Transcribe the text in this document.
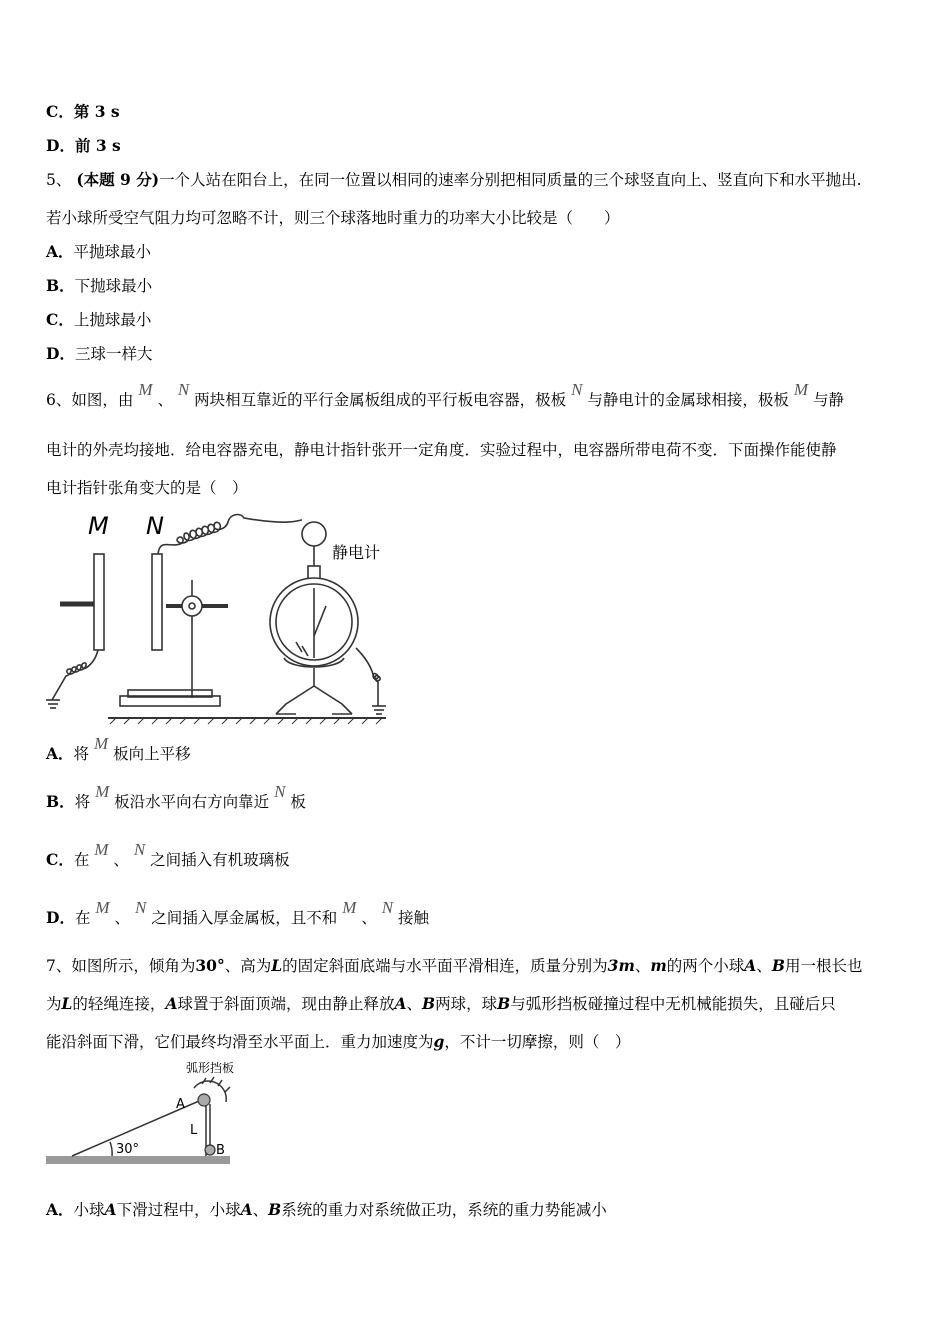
C．第 3 s
D．前 3 s
5、 (本题 9 分)一个人站在阳台上，在同一位置以相同的速率分别把相同质量的三个球竖直向上、竖直向下和水平抛出.
若小球所受空气阻力均可忽略不计，则三个球落地时重力的功率大小比较是（　　）
A．平抛球最小
B．下抛球最小
C．上抛球最小
D．三球一样大
6、如图，由 M 、 N 两块相互靠近的平行金属板组成的平行板电容器，极板 N 与静电计的金属球相接，极板 M 与静
电计的外壳均接地．给电容器充电，静电计指针张开一定角度．实验过程中，电容器所带电荷不变．下面操作能使静
电计指针张角变大的是（　）
M N
静电计
A．将 M 板向上平移
B．将 M 板沿水平向右方向靠近 N 板
C．在 M 、 N 之间插入有机玻璃板
D．在 M 、 N 之间插入厚金属板，且不和 M 、 N 接触
7、如图所示，倾角为30°、高为L的固定斜面底端与水平面平滑相连，质量分别为3m、m的两个小球A、B用一根长也
为L的轻绳连接，A球置于斜面顶端，现由静止释放A、B两球，球B与弧形挡板碰撞过程中无机械能损失，且碰后只
能沿斜面下滑，它们最终均滑至水平面上．重力加速度为g，不计一切摩擦，则（　）
弧形挡板
A
L
B
30°
A．小球A下滑过程中，小球A、B系统的重力对系统做正功，系统的重力势能减小
